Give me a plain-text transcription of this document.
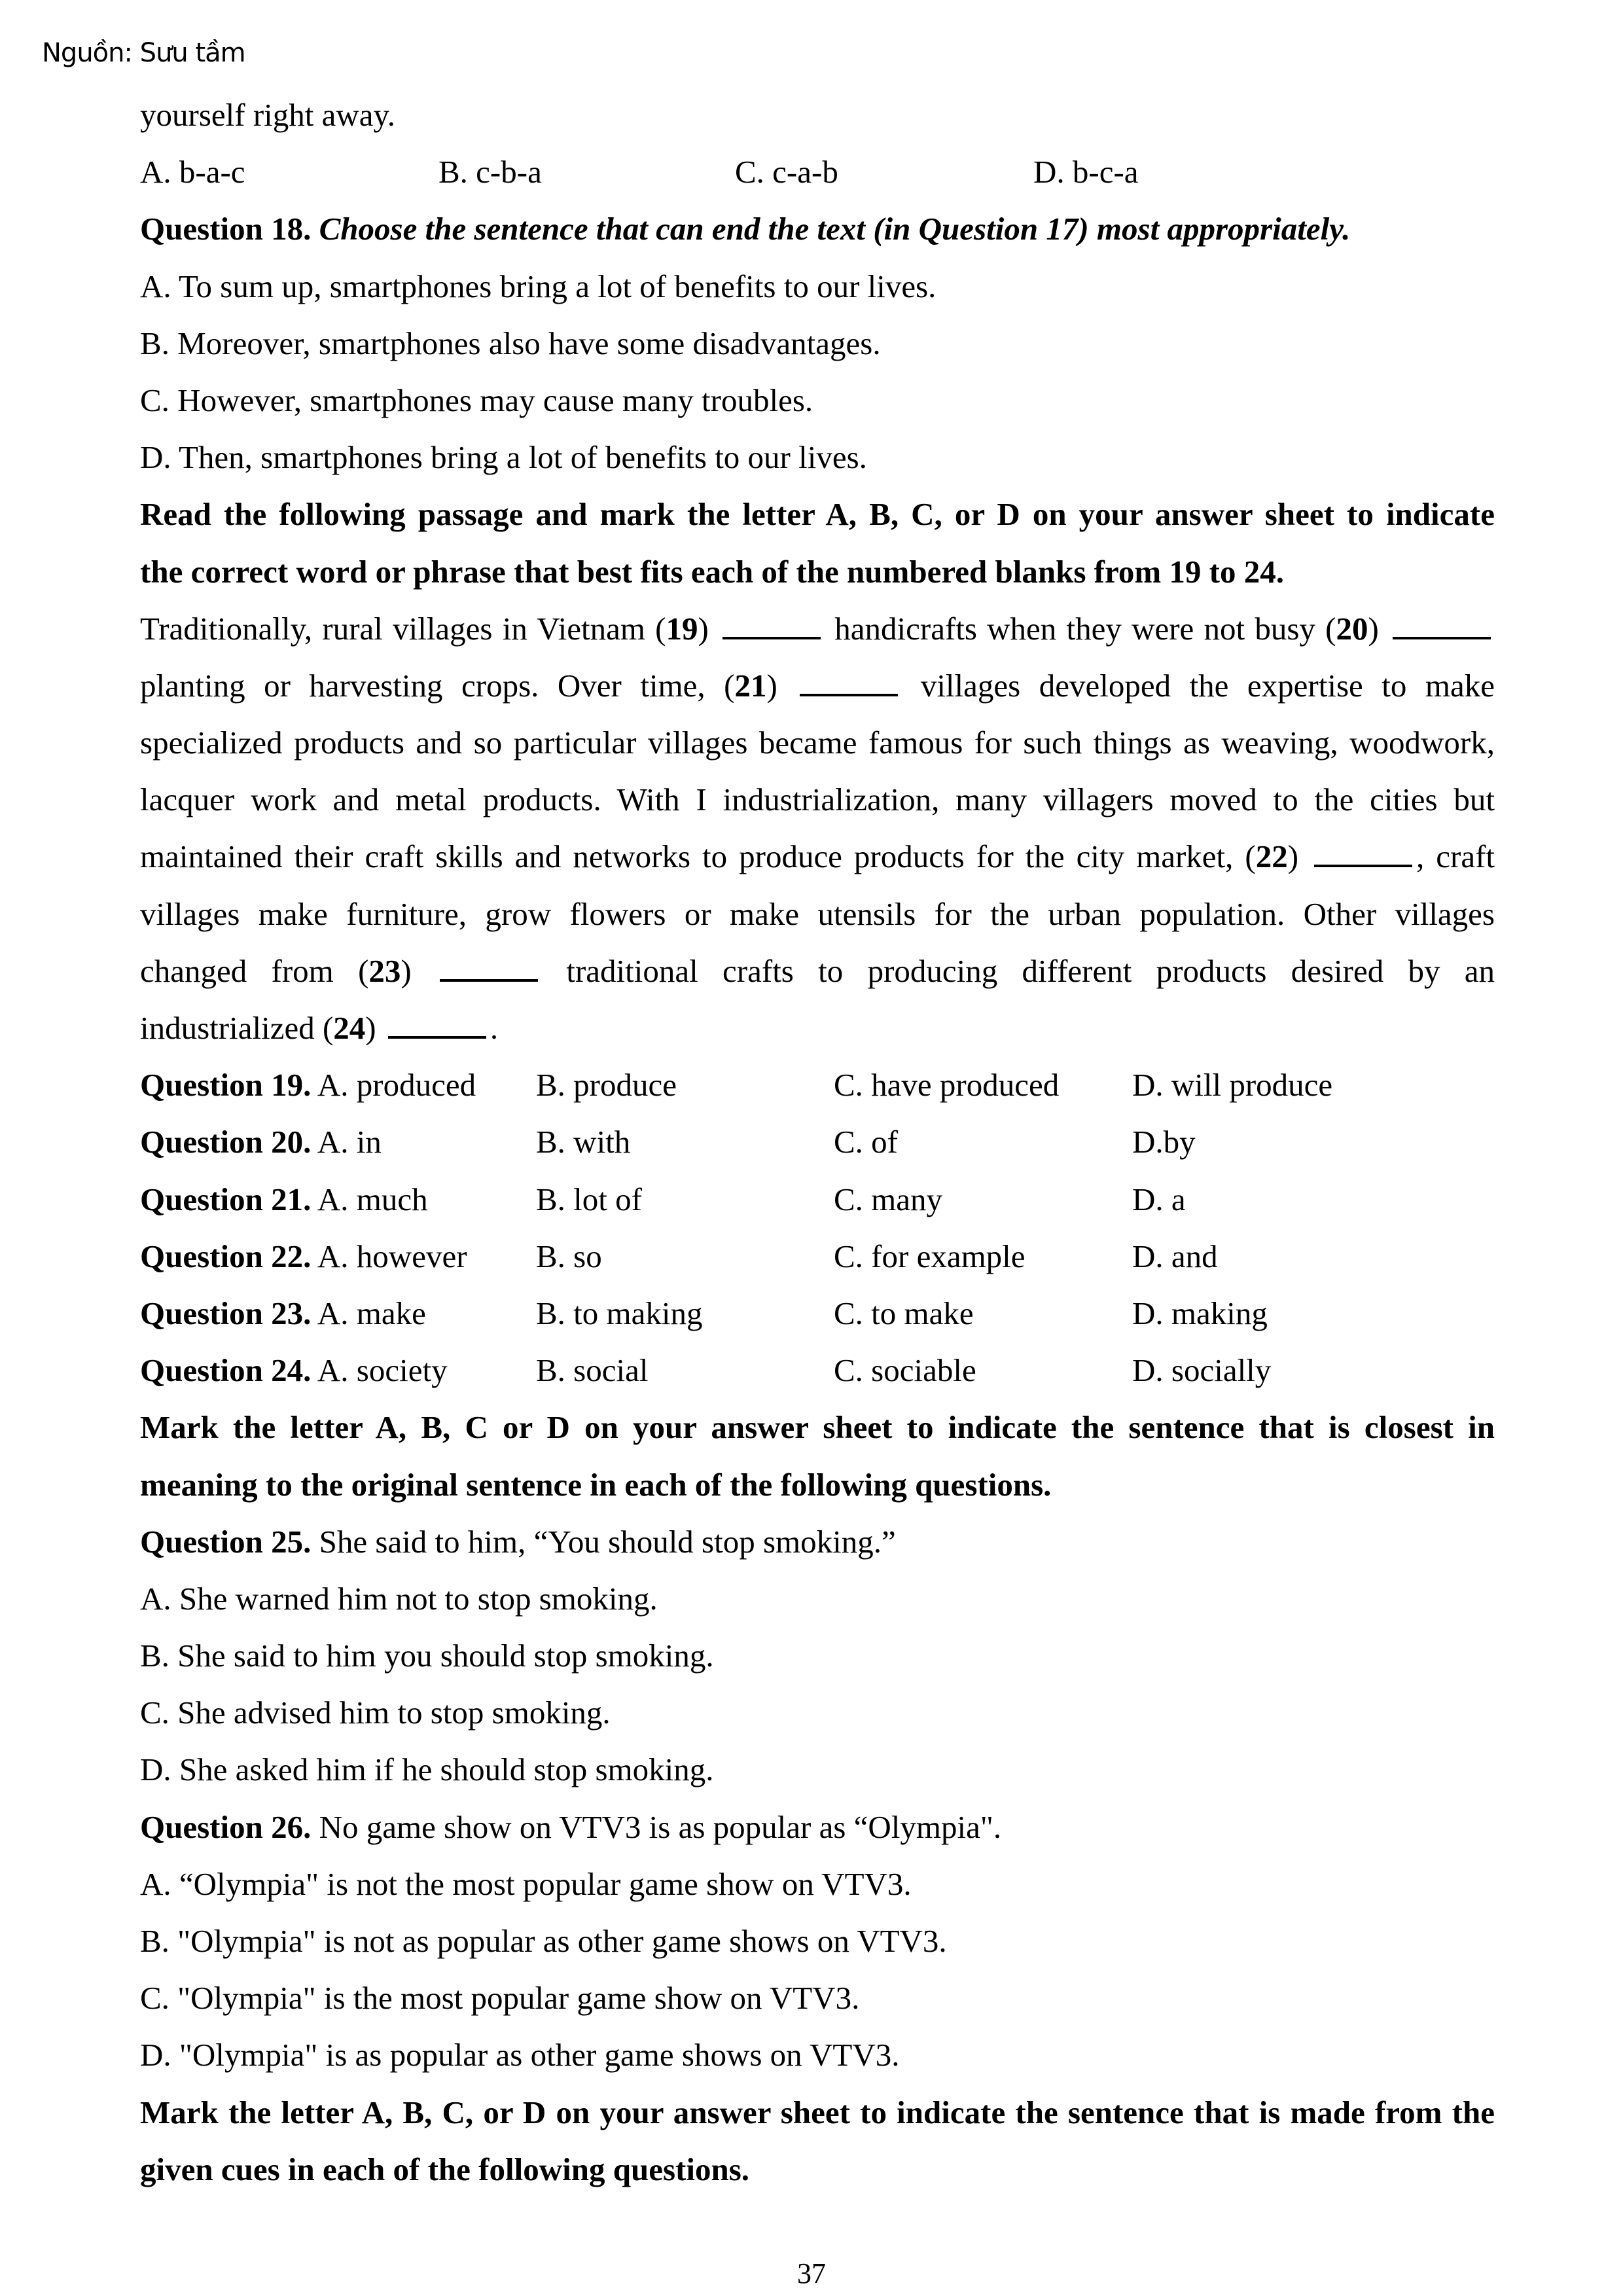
Nguồn: Sưu tầm
yourself right away.
A. b-a-c	B. c-b-a	C. c-a-b	D. b-c-a
Question 18. Choose the sentence that can end the text (in Question 17) most appropriately.
A. To sum up, smartphones bring a lot of benefits to our lives.
B. Moreover, smartphones also have some disadvantages.
C. However, smartphones may cause many troubles.
D. Then, smartphones bring a lot of benefits to our lives.
Read the following passage and mark the letter A, B, C, or D on your answer sheet to indicate
the correct word or phrase that best fits each of the numbered blanks from 19 to 24.
Traditionally, rural villages in Vietnam (19)	handicrafts when they were not busy (20)
planting or harvesting crops. Over time, (21)	villages developed the expertise to make
specialized products and so particular villages became famous for such things as weaving, woodwork,
lacquer work and metal products. With I industrialization, many villagers moved to the cities but
maintained their craft skills and networks to produce products for the city market, (22)	, craft
villages make furniture, grow flowers or make utensils for the urban population. Other villages
changed from (23)	traditional crafts to producing different products desired by an
industrialized (24)	.
Question 19. A. produced B. produce	C. have produced D. will produce
Question 20. A. in	B. with	C. of	D.by
Question 21. A. much	B. lot of	C. many	D. a
Question 22. A. however B. so	C. for example	D. and
Question 23. A. make	B. to making	C. to make	D. making
Question 24. A. society	B. social	C. sociable	D. socially
Mark the letter A, B, C or D on your answer sheet to indicate the sentence that is closest in
meaning to the original sentence in each of the following questions.
Question 25. She said to him, “You should stop smoking.”
A. She warned him not to stop smoking.
B. She said to him you should stop smoking.
C. She advised him to stop smoking.
D. She asked him if he should stop smoking.
Question 26. No game show on VTV3 is as popular as “Olympia".
A. “Olympia" is not the most popular game show on VTV3.
B. "Olympia" is not as popular as other game shows on VTV3.
C. "Olympia" is the most popular game show on VTV3.
D. "Olympia" is as popular as other game shows on VTV3.
Mark the letter A, B, C, or D on your answer sheet to indicate the sentence that is made from the
given cues in each of the following questions.
37
